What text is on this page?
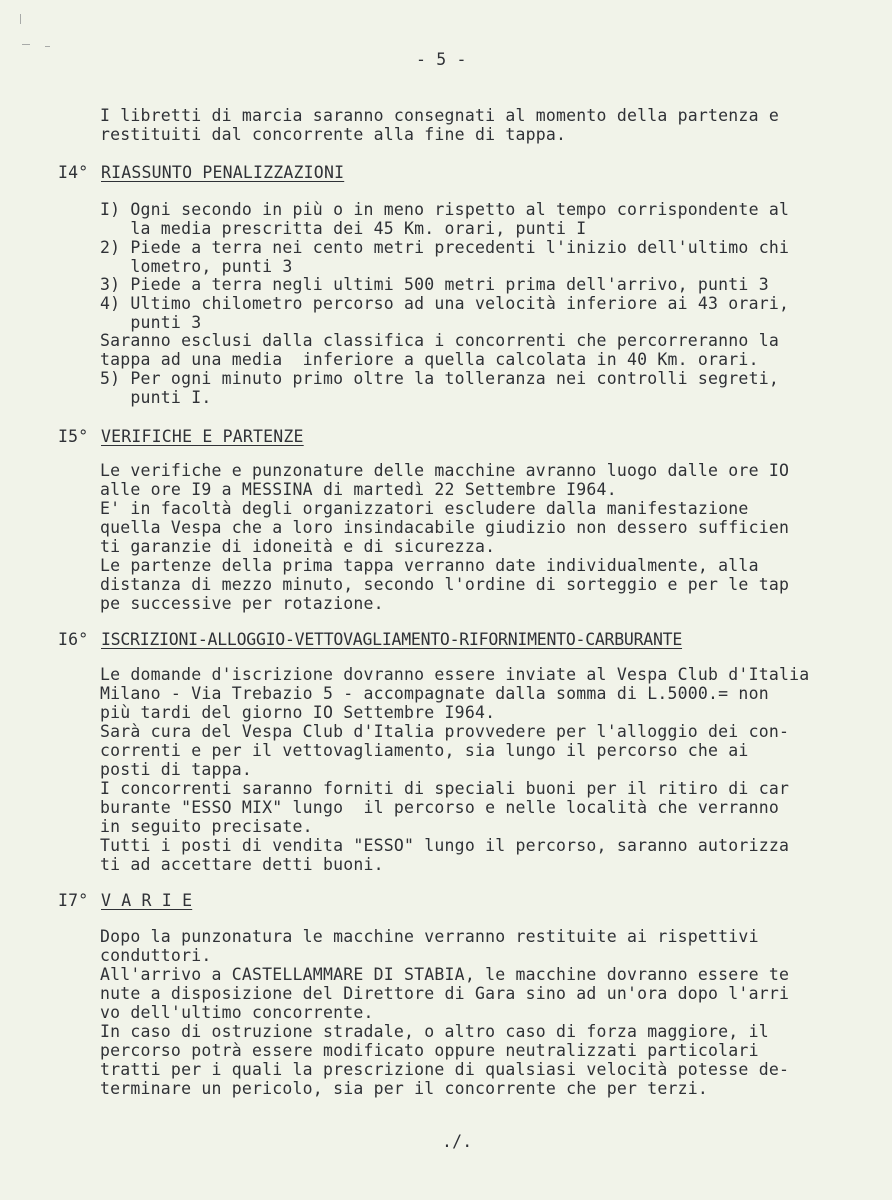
- 5 -
I libretti di marcia saranno consegnati al momento della partenza e
restituiti dal concorrente alla fine di tappa.
I4° RIASSUNTO PENALIZZAZIONI
I) Ogni secondo in più o in meno rispetto al tempo corrispondente al
la media prescritta dei 45 Km. orari, punti I
2) Piede a terra nei cento metri precedenti l'inizio dell'ultimo chi
lometro, punti 3
3) Piede a terra negli ultimi 500 metri prima dell'arrivo, punti 3
4) Ultimo chilometro percorso ad una velocità inferiore ai 43 orari,
punti 3
Saranno esclusi dalla classifica i concorrenti che percorreranno la
tappa ad una media  inferiore a quella calcolata in 40 Km. orari.
5) Per ogni minuto primo oltre la tolleranza nei controlli segreti,
punti I.
I5° VERIFICHE E PARTENZE
Le verifiche e punzonature delle macchine avranno luogo dalle ore IO
alle ore I9 a MESSINA di martedì 22 Settembre I964.
E' in facoltà degli organizzatori escludere dalla manifestazione
quella Vespa che a loro insindacabile giudizio non dessero sufficien
ti garanzie di idoneità e di sicurezza.
Le partenze della prima tappa verranno date individualmente, alla
distanza di mezzo minuto, secondo l'ordine di sorteggio e per le tap
pe successive per rotazione.
I6° ISCRIZIONI-ALLOGGIO-VETTOVAGLIAMENTO-RIFORNIMENTO-CARBURANTE
Le domande d'iscrizione dovranno essere inviate al Vespa Club d'Italia
Milano - Via Trebazio 5 - accompagnate dalla somma di L.5000.= non
più tardi del giorno IO Settembre I964.
Sarà cura del Vespa Club d'Italia provvedere per l'alloggio dei con-
correnti e per il vettovagliamento, sia lungo il percorso che ai
posti di tappa.
I concorrenti saranno forniti di speciali buoni per il ritiro di car
burante "ESSO MIX" lungo  il percorso e nelle località che verranno
in seguito precisate.
Tutti i posti di vendita "ESSO" lungo il percorso, saranno autorizza
ti ad accettare detti buoni.
I7° V A R I E
Dopo la punzonatura le macchine verranno restituite ai rispettivi
conduttori.
All'arrivo a CASTELLAMMARE DI STABIA, le macchine dovranno essere te
nute a disposizione del Direttore di Gara sino ad un'ora dopo l'arri
vo dell'ultimo concorrente.
In caso di ostruzione stradale, o altro caso di forza maggiore, il
percorso potrà essere modificato oppure neutralizzati particolari
tratti per i quali la prescrizione di qualsiasi velocità potesse de-
terminare un pericolo, sia per il concorrente che per terzi.
./.
